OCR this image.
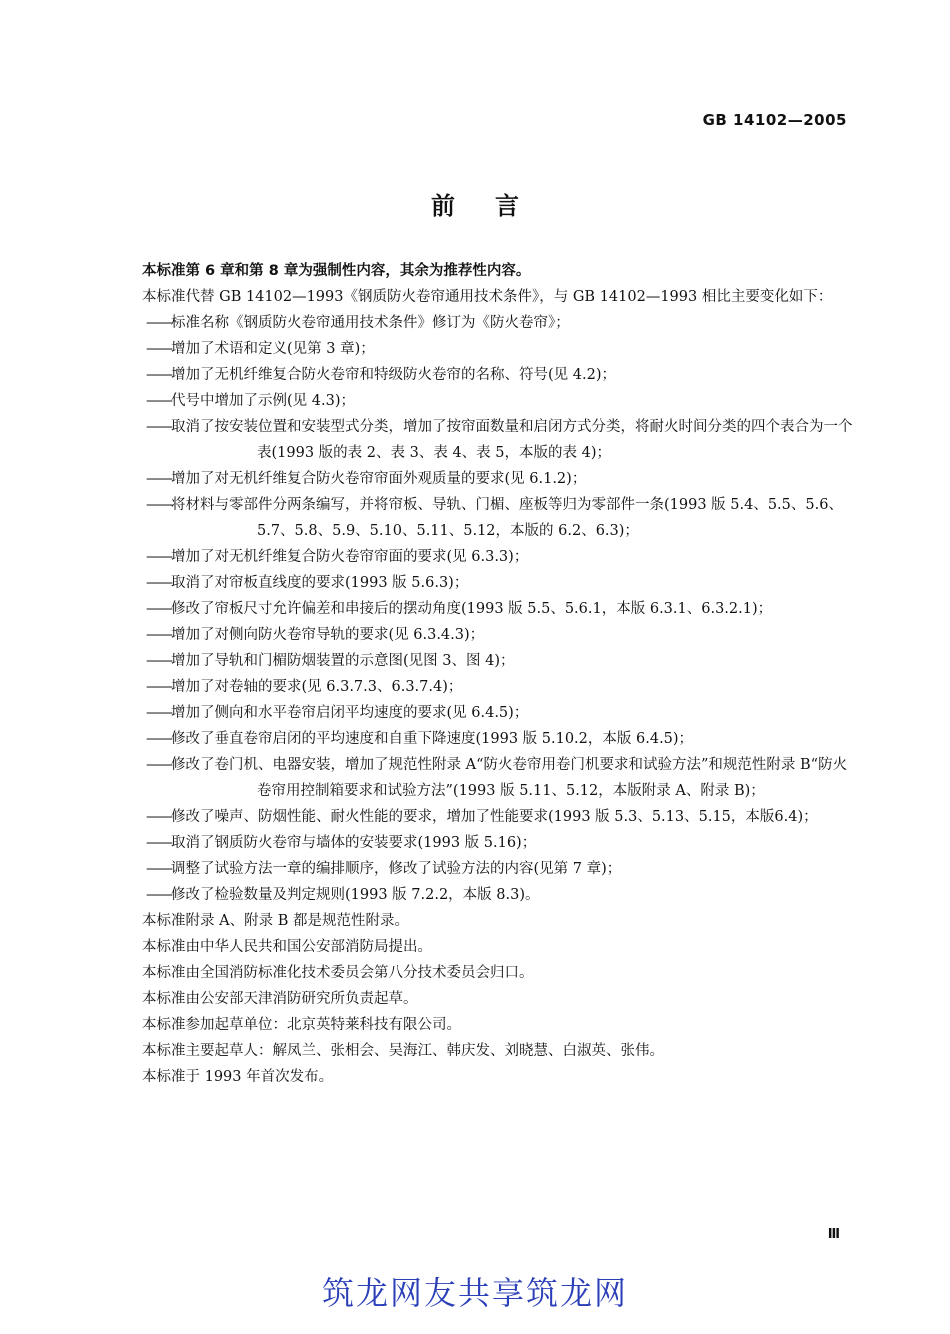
GB 14102—2005
前言

本标准第 6 章和第 8 章为强制性内容，其余为推荐性内容。

本标准代替 GB 14102—1993《钢质防火卷帘通用技术条件》，与 GB 14102—1993 相比主要变化如下：

——标准名称《钢质防火卷帘通用技术条件》修订为《防火卷帘》；

——增加了术语和定义(见第 3 章)；

——增加了无机纤维复合防火卷帘和特级防火卷帘的名称、符号(见 4.2)；

——代号中增加了示例(见 4.3)；

——取消了按安装位置和安装型式分类，增加了按帘面数量和启闭方式分类，将耐火时间分类的四个表合为一个表(1993 版的表 2、表 3、表 4、表 5，本版的表 4)；

——增加了对无机纤维复合防火卷帘帘面外观质量的要求(见 6.1.2)；

——将材料与零部件分两条编写，并将帘板、导轨、门楣、座板等归为零部件一条(1993 版 5.4、5.5、5.6、5.7、5.8、5.9、5.10、5.11、5.12，本版的 6.2、6.3)；

——增加了对无机纤维复合防火卷帘帘面的要求(见 6.3.3)；

——取消了对帘板直线度的要求(1993 版 5.6.3)；

——修改了帘板尺寸允许偏差和串接后的摆动角度(1993 版 5.5、5.6.1，本版 6.3.1、6.3.2.1)；

——增加了对侧向防火卷帘导轨的要求(见 6.3.4.3)；

——增加了导轨和门楣防烟装置的示意图(见图 3、图 4)；

——增加了对卷轴的要求(见 6.3.7.3、6.3.7.4)；

——增加了侧向和水平卷帘启闭平均速度的要求(见 6.4.5)；

——修改了垂直卷帘启闭的平均速度和自重下降速度(1993 版 5.10.2，本版 6.4.5)；

——修改了卷门机、电器安装，增加了规范性附录 A“防火卷帘用卷门机要求和试验方法”和规范性附录 B“防火卷帘用控制箱要求和试验方法”(1993 版 5.11、5.12，本版附录 A、附录 B)；

——修改了噪声、防烟性能、耐火性能的要求，增加了性能要求(1993 版 5.3、5.13、5.15，本版6.4)；

——取消了钢质防火卷帘与墙体的安装要求(1993 版 5.16)；

——调整了试验方法一章的编排顺序，修改了试验方法的内容(见第 7 章)；

——修改了检验数量及判定规则(1993 版 7.2.2，本版 8.3)。

本标准附录 A、附录 B 都是规范性附录。

本标准由中华人民共和国公安部消防局提出。

本标准由全国消防标准化技术委员会第八分技术委员会归口。

本标准由公安部天津消防研究所负责起草。

本标准参加起草单位：北京英特莱科技有限公司。

本标准主要起草人：解凤兰、张相会、吴海江、韩庆发、刘晓慧、白淑英、张伟。

本标准于 1993 年首次发布。

Ⅲ
筑龙网友共享筑龙网
